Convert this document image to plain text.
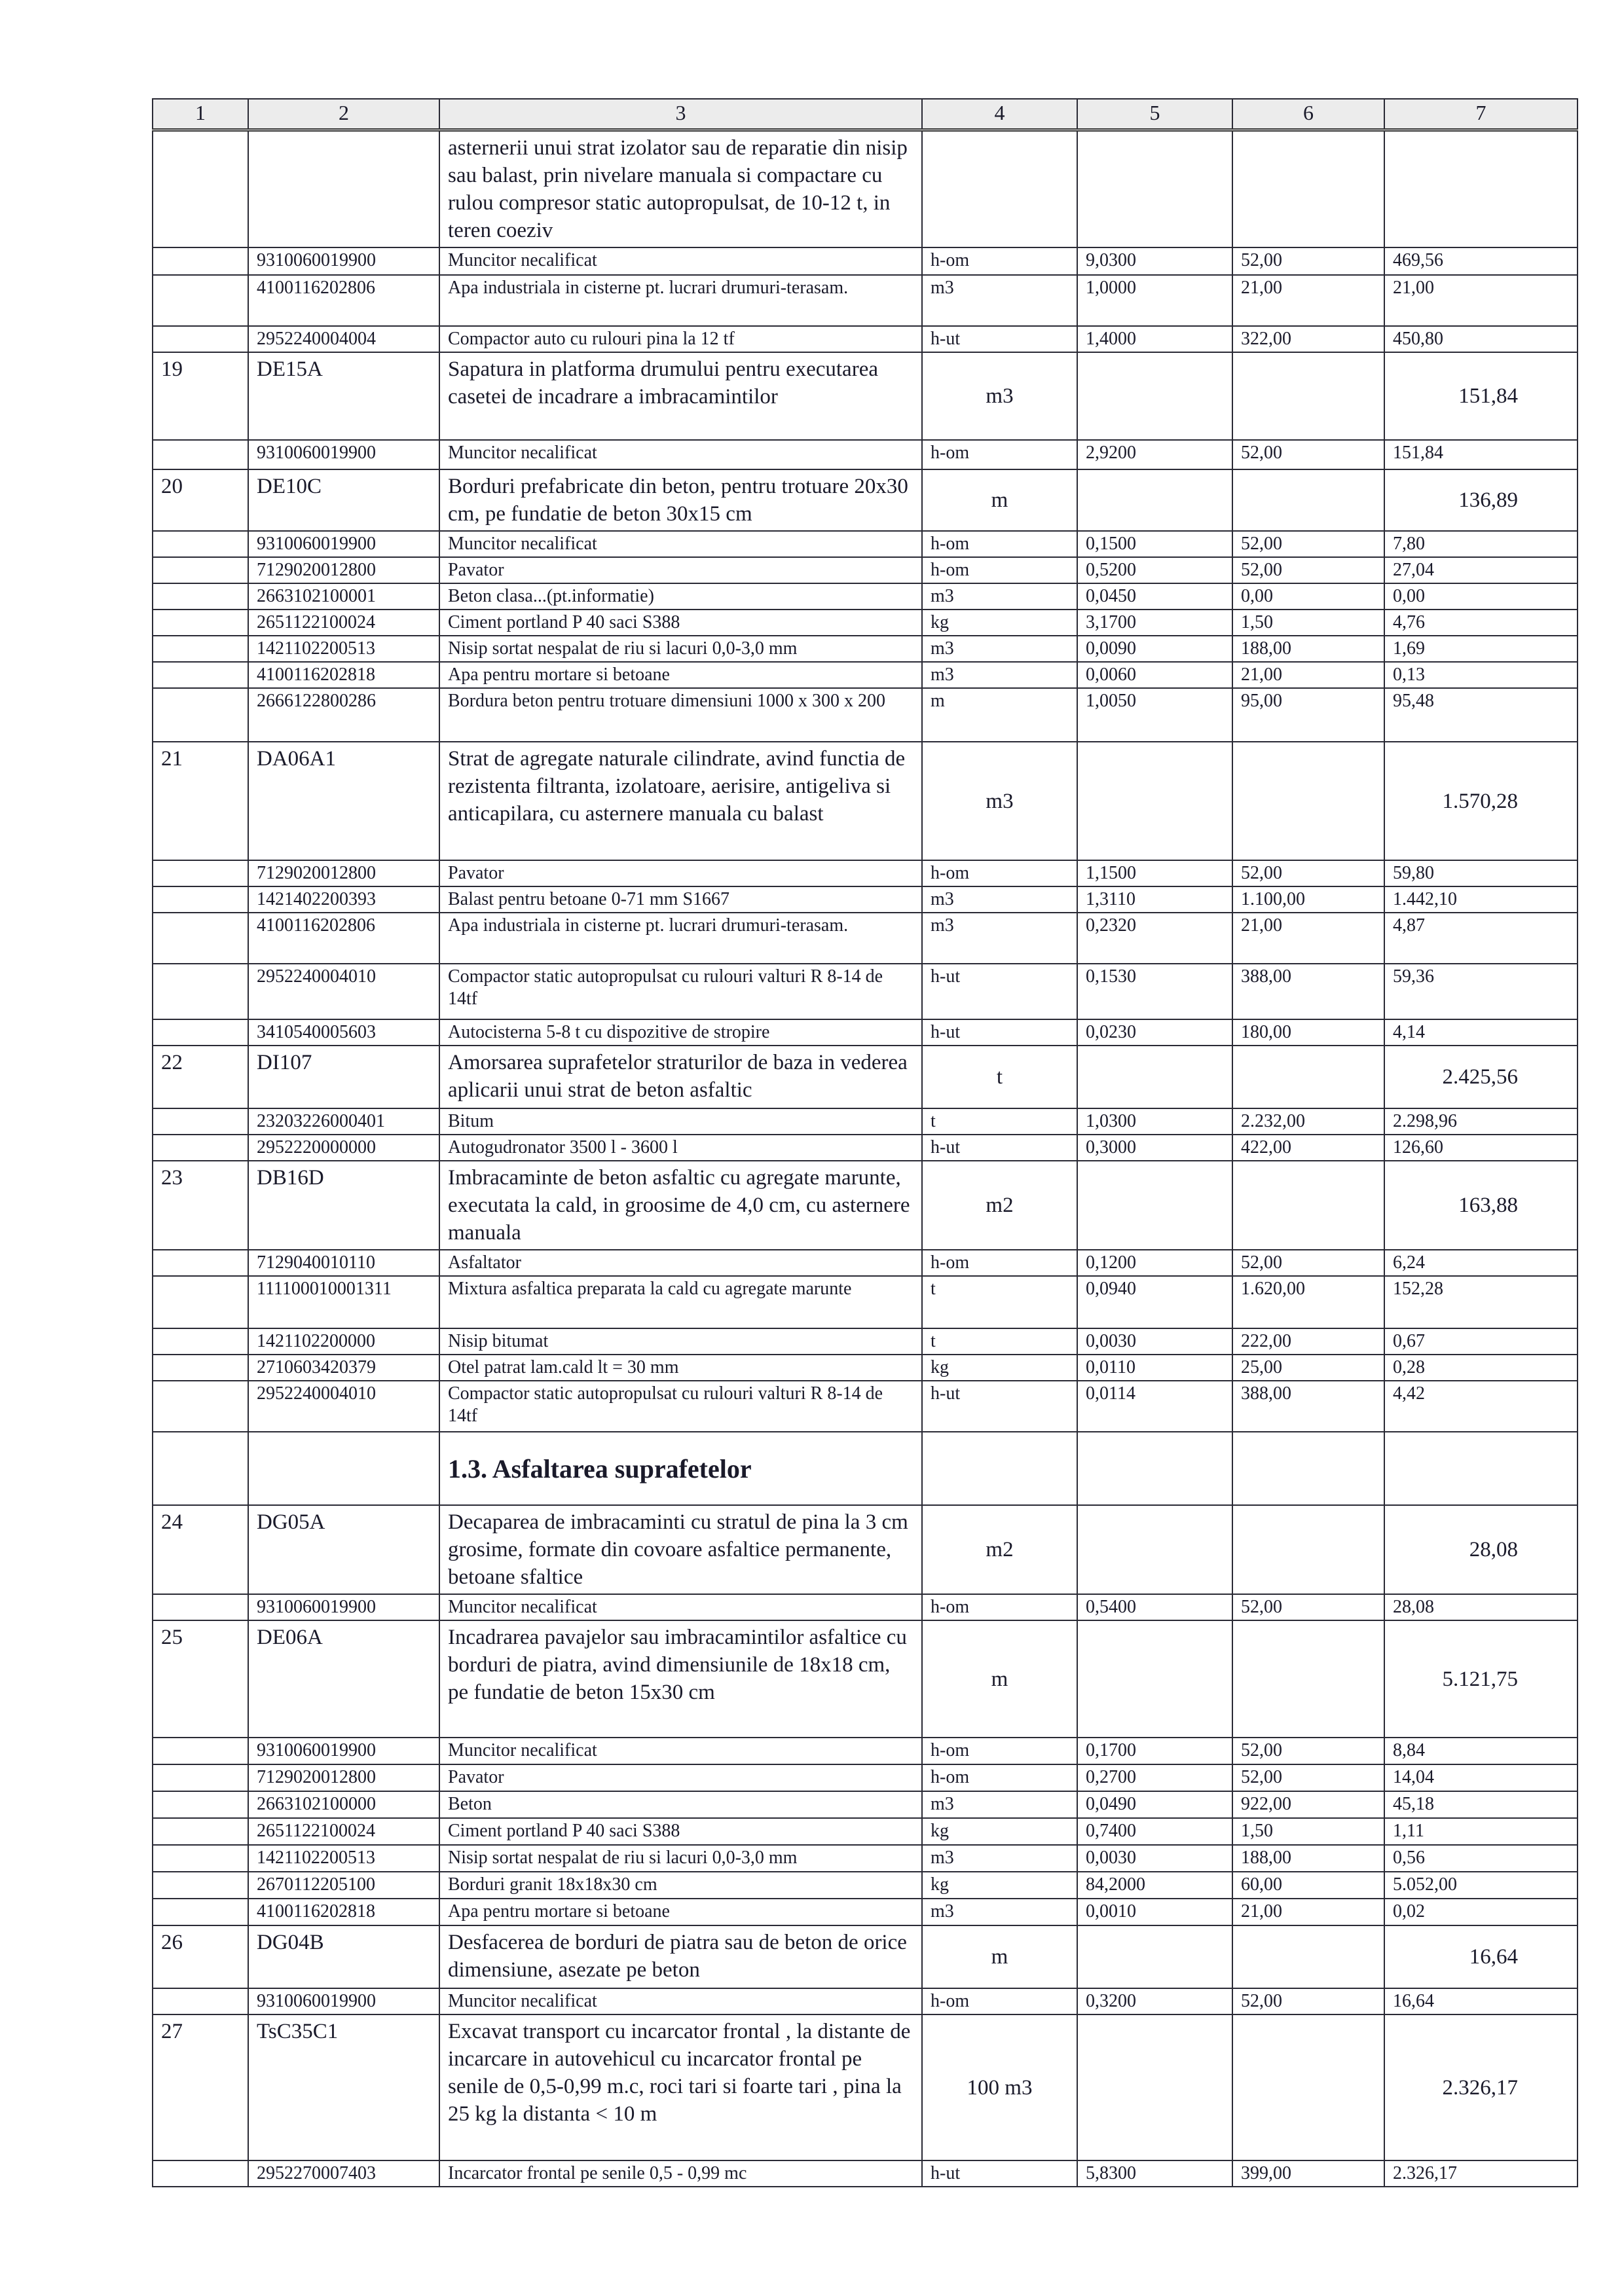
1	2	3	4	5	6	7
		asternerii unui strat izolator sau de reparatie din nisip sau balast, prin nivelare manuala si compactare cu rulou compresor static autopropulsat, de 10-12 t, in teren coeziv				
	9310060019900	Muncitor necalificat	h-om	9,0300	52,00	469,56
	4100116202806	Apa industriala in cisterne pt. lucrari drumuri-terasam.	m3	1,0000	21,00	21,00
	2952240004004	Compactor auto cu rulouri pina la 12 tf	h-ut	1,4000	322,00	450,80
19	DE15A	Sapatura in platforma drumului pentru executarea casetei de incadrare a imbracamintilor	m3			151,84
	9310060019900	Muncitor necalificat	h-om	2,9200	52,00	151,84
20	DE10C	Borduri prefabricate din beton, pentru trotuare 20x30 cm, pe fundatie de beton 30x15 cm	m			136,89
	9310060019900	Muncitor necalificat	h-om	0,1500	52,00	7,80
	7129020012800	Pavator	h-om	0,5200	52,00	27,04
	2663102100001	Beton clasa...(pt.informatie)	m3	0,0450	0,00	0,00
	2651122100024	Ciment portland P 40 saci S388	kg	3,1700	1,50	4,76
	1421102200513	Nisip sortat nespalat de riu si lacuri 0,0-3,0 mm	m3	0,0090	188,00	1,69
	4100116202818	Apa pentru mortare si betoane	m3	0,0060	21,00	0,13
	2666122800286	Bordura beton pentru trotuare dimensiuni 1000 x 300 x 200	m	1,0050	95,00	95,48
21	DA06A1	Strat de agregate naturale cilindrate, avind functia de rezistenta filtranta, izolatoare, aerisire, antigeliva si anticapilara, cu asternere manuala cu balast	m3			1.570,28
	7129020012800	Pavator	h-om	1,1500	52,00	59,80
	1421402200393	Balast pentru betoane 0-71 mm S1667	m3	1,3110	1.100,00	1.442,10
	4100116202806	Apa industriala in cisterne pt. lucrari drumuri-terasam.	m3	0,2320	21,00	4,87
	2952240004010	Compactor static autopropulsat cu rulouri valturi R 8-14 de 14tf	h-ut	0,1530	388,00	59,36
	3410540005603	Autocisterna 5-8 t cu dispozitive de stropire	h-ut	0,0230	180,00	4,14
22	DI107	Amorsarea suprafetelor straturilor de baza in vederea aplicarii unui strat de beton asfaltic	t			2.425,56
	23203226000401	Bitum	t	1,0300	2.232,00	2.298,96
	2952220000000	Autogudronator 3500 l - 3600 l	h-ut	0,3000	422,00	126,60
23	DB16D	Imbracaminte de beton asfaltic cu agregate marunte, executata la cald, in groosime de 4,0 cm, cu asternere manuala	m2			163,88
	7129040010110	Asfaltator	h-om	0,1200	52,00	6,24
	11110001000131​1	Mixtura asfaltica preparata la cald cu agregate marunte	t	0,0940	1.620,00	152,28
	1421102200000	Nisip bitumat	t	0,0030	222,00	0,67
	2710603420379	Otel patrat lam.cald lt = 30 mm	kg	0,0110	25,00	0,28
	2952240004010	Compactor static autopropulsat cu rulouri valturi R 8-14 de 14tf	h-ut	0,0114	388,00	4,42
		1.3. Asfaltarea suprafetelor				
24	DG05A	Decaparea de imbracaminti cu stratul de pina la 3 cm grosime, formate din covoare asfaltice permanente, betoane sfaltice	m2			28,08
	9310060019900	Muncitor necalificat	h-om	0,5400	52,00	28,08
25	DE06A	Incadrarea pavajelor sau imbracamintilor asfaltice cu borduri de piatra, avind dimensiunile de 18x18 cm, pe fundatie de beton 15x30 cm	m			5.121,75
	9310060019900	Muncitor necalificat	h-om	0,1700	52,00	8,84
	7129020012800	Pavator	h-om	0,2700	52,00	14,04
	2663102100000	Beton	m3	0,0490	922,00	45,18
	2651122100024	Ciment portland P 40 saci S388	kg	0,7400	1,50	1,11
	1421102200513	Nisip sortat nespalat de riu si lacuri 0,0-3,0 mm	m3	0,0030	188,00	0,56
	2670112205100	Borduri granit 18x18x30 cm	kg	84,2000	60,00	5.052,00
	4100116202818	Apa pentru mortare si betoane	m3	0,0010	21,00	0,02
26	DG04B	Desfacerea de borduri de piatra sau de beton de orice dimensiune, asezate pe beton	m			16,64
	9310060019900	Muncitor necalificat	h-om	0,3200	52,00	16,64
27	TsC35C1	Excavat transport cu incarcator frontal , la distante de incarcare in autovehicul cu incarcator frontal pe senile de 0,5-0,99 m.c, roci tari si foarte tari , pina la 25 kg la distanta < 10 m	100 m3			2.326,17
	2952270007403	Incarcator frontal pe senile 0,5 - 0,99 mc	h-ut	5,8300	399,00	2.326,17
